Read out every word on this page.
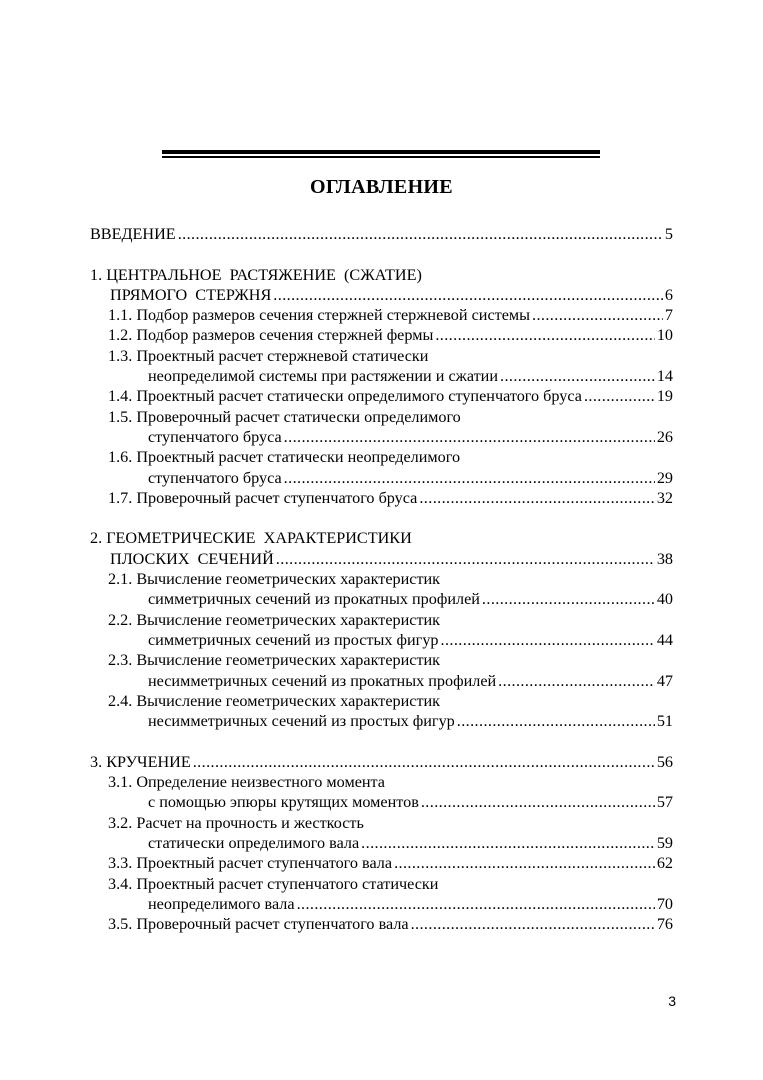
ОГЛАВЛЕНИЕ
ВВЕДЕНИЕ .....	5
1. ЦЕНТРАЛЬНОЕ  РАСТЯЖЕНИЕ  (СЖАТИЕ)
ПРЯМОГО  СТЕРЖНЯ .....	6
1.1. Подбор размеров сечения стержней стержневой системы .....	7
1.2. Подбор размеров сечения стержней фермы .....	10
1.3. Проектный расчет стержневой статически
неопределимой системы при растяжении и сжатии .....	14
1.4. Проектный расчет статически определимого ступенчатого бруса .....	19
1.5. Проверочный расчет статически определимого
ступенчатого бруса .....	26
1.6. Проектный расчет статически неопределимого
ступенчатого бруса .....	29
1.7. Проверочный расчет ступенчатого бруса .....	32
2. ГЕОМЕТРИЧЕСКИЕ  ХАРАКТЕРИСТИКИ
ПЛОСКИХ  СЕЧЕНИЙ .....	38
2.1. Вычисление геометрических характеристик
симметричных сечений из прокатных профилей .....	40
2.2. Вычисление геометрических характеристик
симметричных сечений из простых фигур .....	44
2.3. Вычисление геометрических характеристик
несимметричных сечений из прокатных профилей .....	47
2.4. Вычисление геометрических характеристик
несимметричных сечений из простых фигур .....	51
3. КРУЧЕНИЕ .....	56
3.1. Определение неизвестного момента
с помощью эпюры крутящих моментов .....	57
3.2. Расчет на прочность и жесткость
статически определимого вала .....	59
3.3. Проектный расчет ступенчатого вала .....	62
3.4. Проектный расчет ступенчатого статически
неопределимого вала .....	70
3.5. Проверочный расчет ступенчатого вала .....	76
3
